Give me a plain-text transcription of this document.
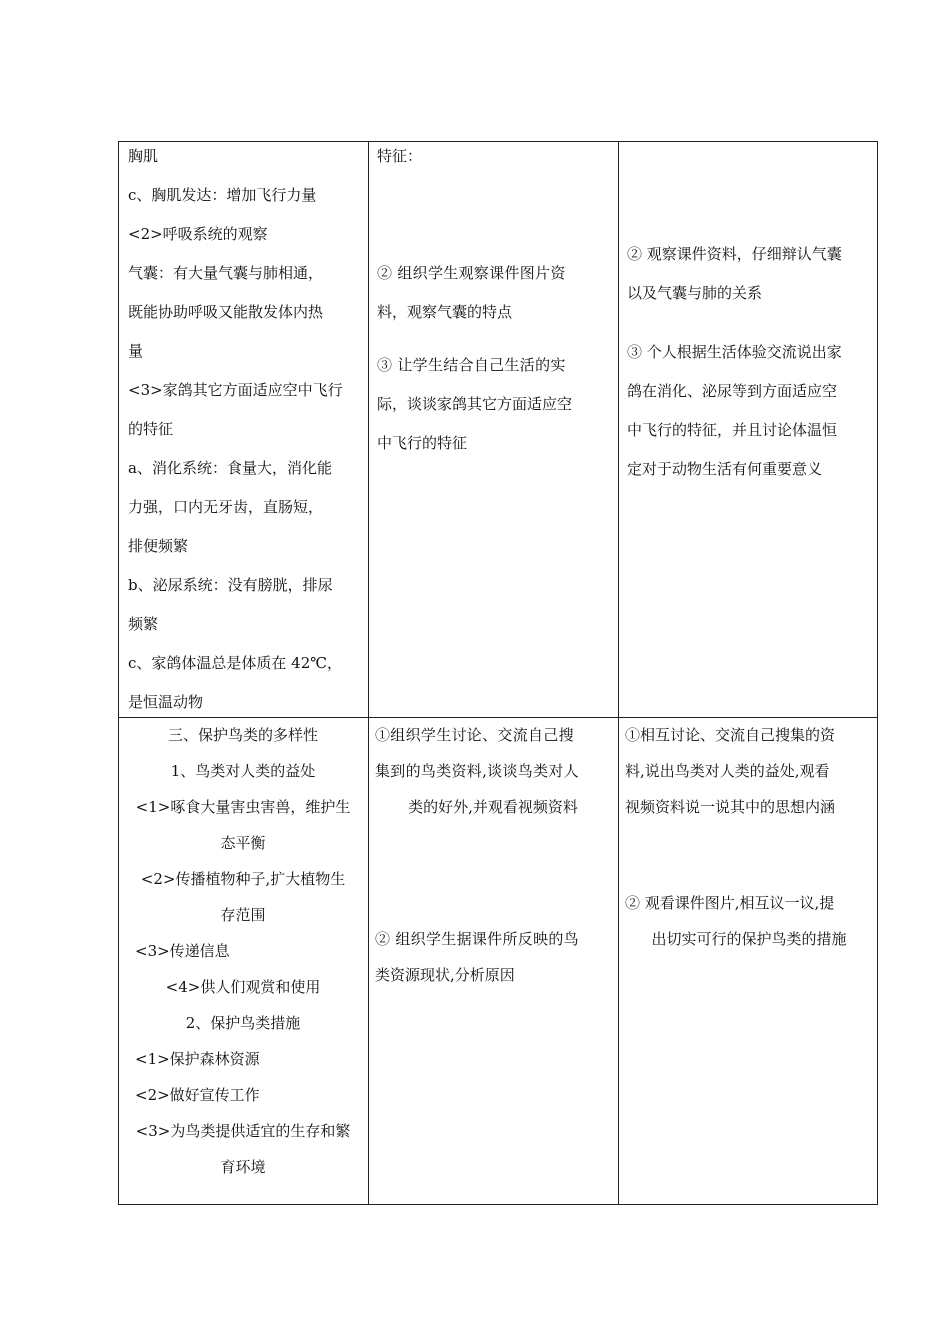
胸肌

c、胸肌发达：增加飞行力量

<2>呼吸系统的观察

气囊：有大量气囊与肺相通，

既能协助呼吸又能散发体内热

量

<3>家鸽其它方面适应空中飞行

的特征

a、消化系统：食量大，消化能

力强，口内无牙齿，直肠短，

排便频繁

b、泌尿系统：没有膀胱，排尿

频繁

c、家鸽体温总是体质在 42℃，

是恒温动物

特征：

② 组织学生观察课件图片资

料，观察气囊的特点

③ 让学生结合自己生活的实

际，谈谈家鸽其它方面适应空

中飞行的特征

② 观察课件资料，仔细辩认气囊

以及气囊与肺的关系

③ 个人根据生活体验交流说出家

鸽在消化、泌尿等到方面适应空

中飞行的特征，并且讨论体温恒

定对于动物生活有何重要意义

三、保护鸟类的多样性

1、鸟类对人类的益处

<1>啄食大量害虫害兽，维护生

态平衡

<2>传播植物种子,扩大植物生

存范围

<3>传递信息

<4>供人们观赏和使用

2、保护鸟类措施

<1>保护森林资源

<2>做好宣传工作

<3>为鸟类提供适宜的生存和繁

育环境

①组织学生讨论、交流自己搜

集到的鸟类资料,谈谈鸟类对人

类的好外,并观看视频资料

② 组织学生据课件所反映的鸟

类资源现状,分析原因

①相互讨论、交流自己搜集的资

料,说出鸟类对人类的益处,观看

视频资料说一说其中的思想内涵

② 观看课件图片,相互议一议,提

出切实可行的保护鸟类的措施
